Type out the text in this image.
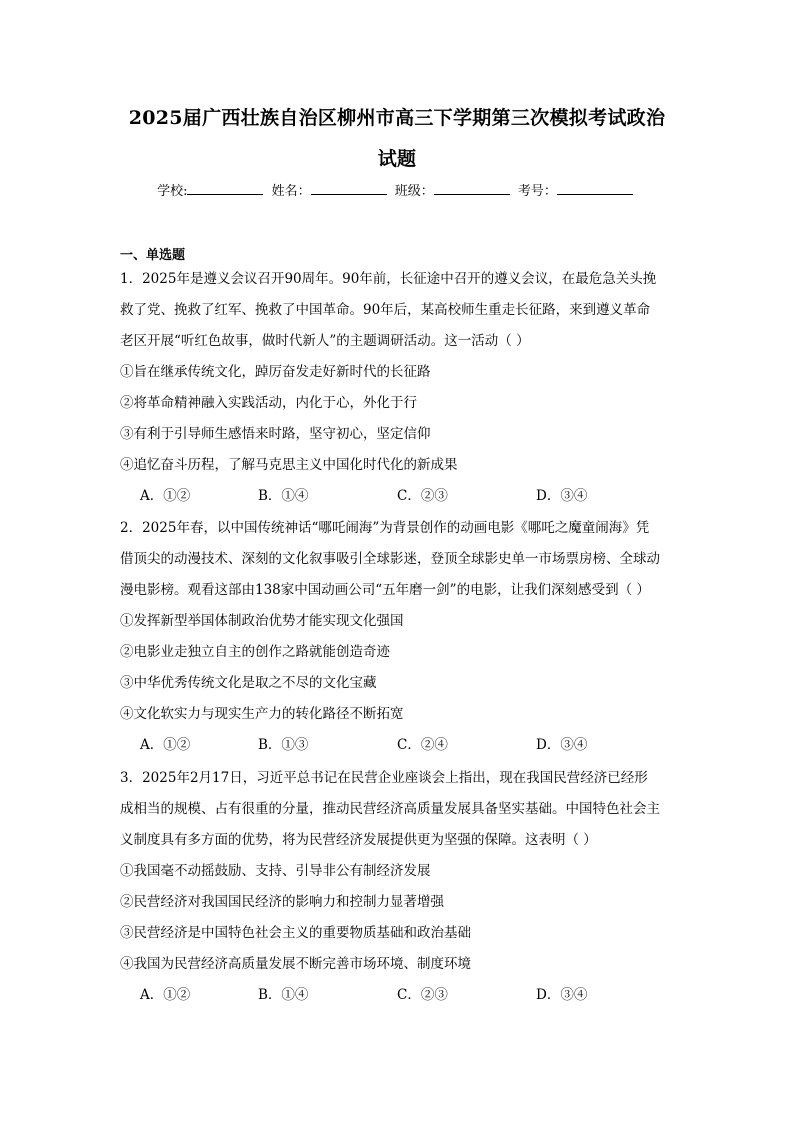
2025届广西壮族自治区柳州市高三下学期第三次模拟考试政治
试题
学校:	姓名：	班级：	考号：
一、单选题
1．2025年是遵义会议召开90周年。90年前，长征途中召开的遵义会议，在最危急关头挽
救了党、挽救了红军、挽救了中国革命。90年后，某高校师生重走长征路，来到遵义革命
老区开展“听红色故事，做时代新人”的主题调研活动。这一活动（ ）
①旨在继承传统文化，踔厉奋发走好新时代的长征路
②将革命精神融入实践活动，内化于心，外化于行
③有利于引导师生感悟来时路，坚守初心，坚定信仰
④追忆奋斗历程，了解马克思主义中国化时代化的新成果
A．①②	B．①④	C．②③	D．③④
2．2025年春，以中国传统神话“哪吒闹海”为背景创作的动画电影《哪吒之魔童闹海》凭
借顶尖的动漫技术、深刻的文化叙事吸引全球影迷，登顶全球影史单一市场票房榜、全球动
漫电影榜。观看这部由138家中国动画公司“五年磨一剑”的电影，让我们深刻感受到（ ）
①发挥新型举国体制政治优势才能实现文化强国
②电影业走独立自主的创作之路就能创造奇迹
③中华优秀传统文化是取之不尽的文化宝藏
④文化软实力与现实生产力的转化路径不断拓宽
A．①②	B．①③	C．②④	D．③④
3．2025年2月17日，习近平总书记在民营企业座谈会上指出，现在我国民营经济已经形
成相当的规模、占有很重的分量，推动民营经济高质量发展具备坚实基础。中国特色社会主
义制度具有多方面的优势，将为民营经济发展提供更为坚强的保障。这表明（ ）
①我国毫不动摇鼓励、支持、引导非公有制经济发展
②民营经济对我国国民经济的影响力和控制力显著增强
③民营经济是中国特色社会主义的重要物质基础和政治基础
④我国为民营经济高质量发展不断完善市场环境、制度环境
A．①②	B．①④	C．②③	D．③④
